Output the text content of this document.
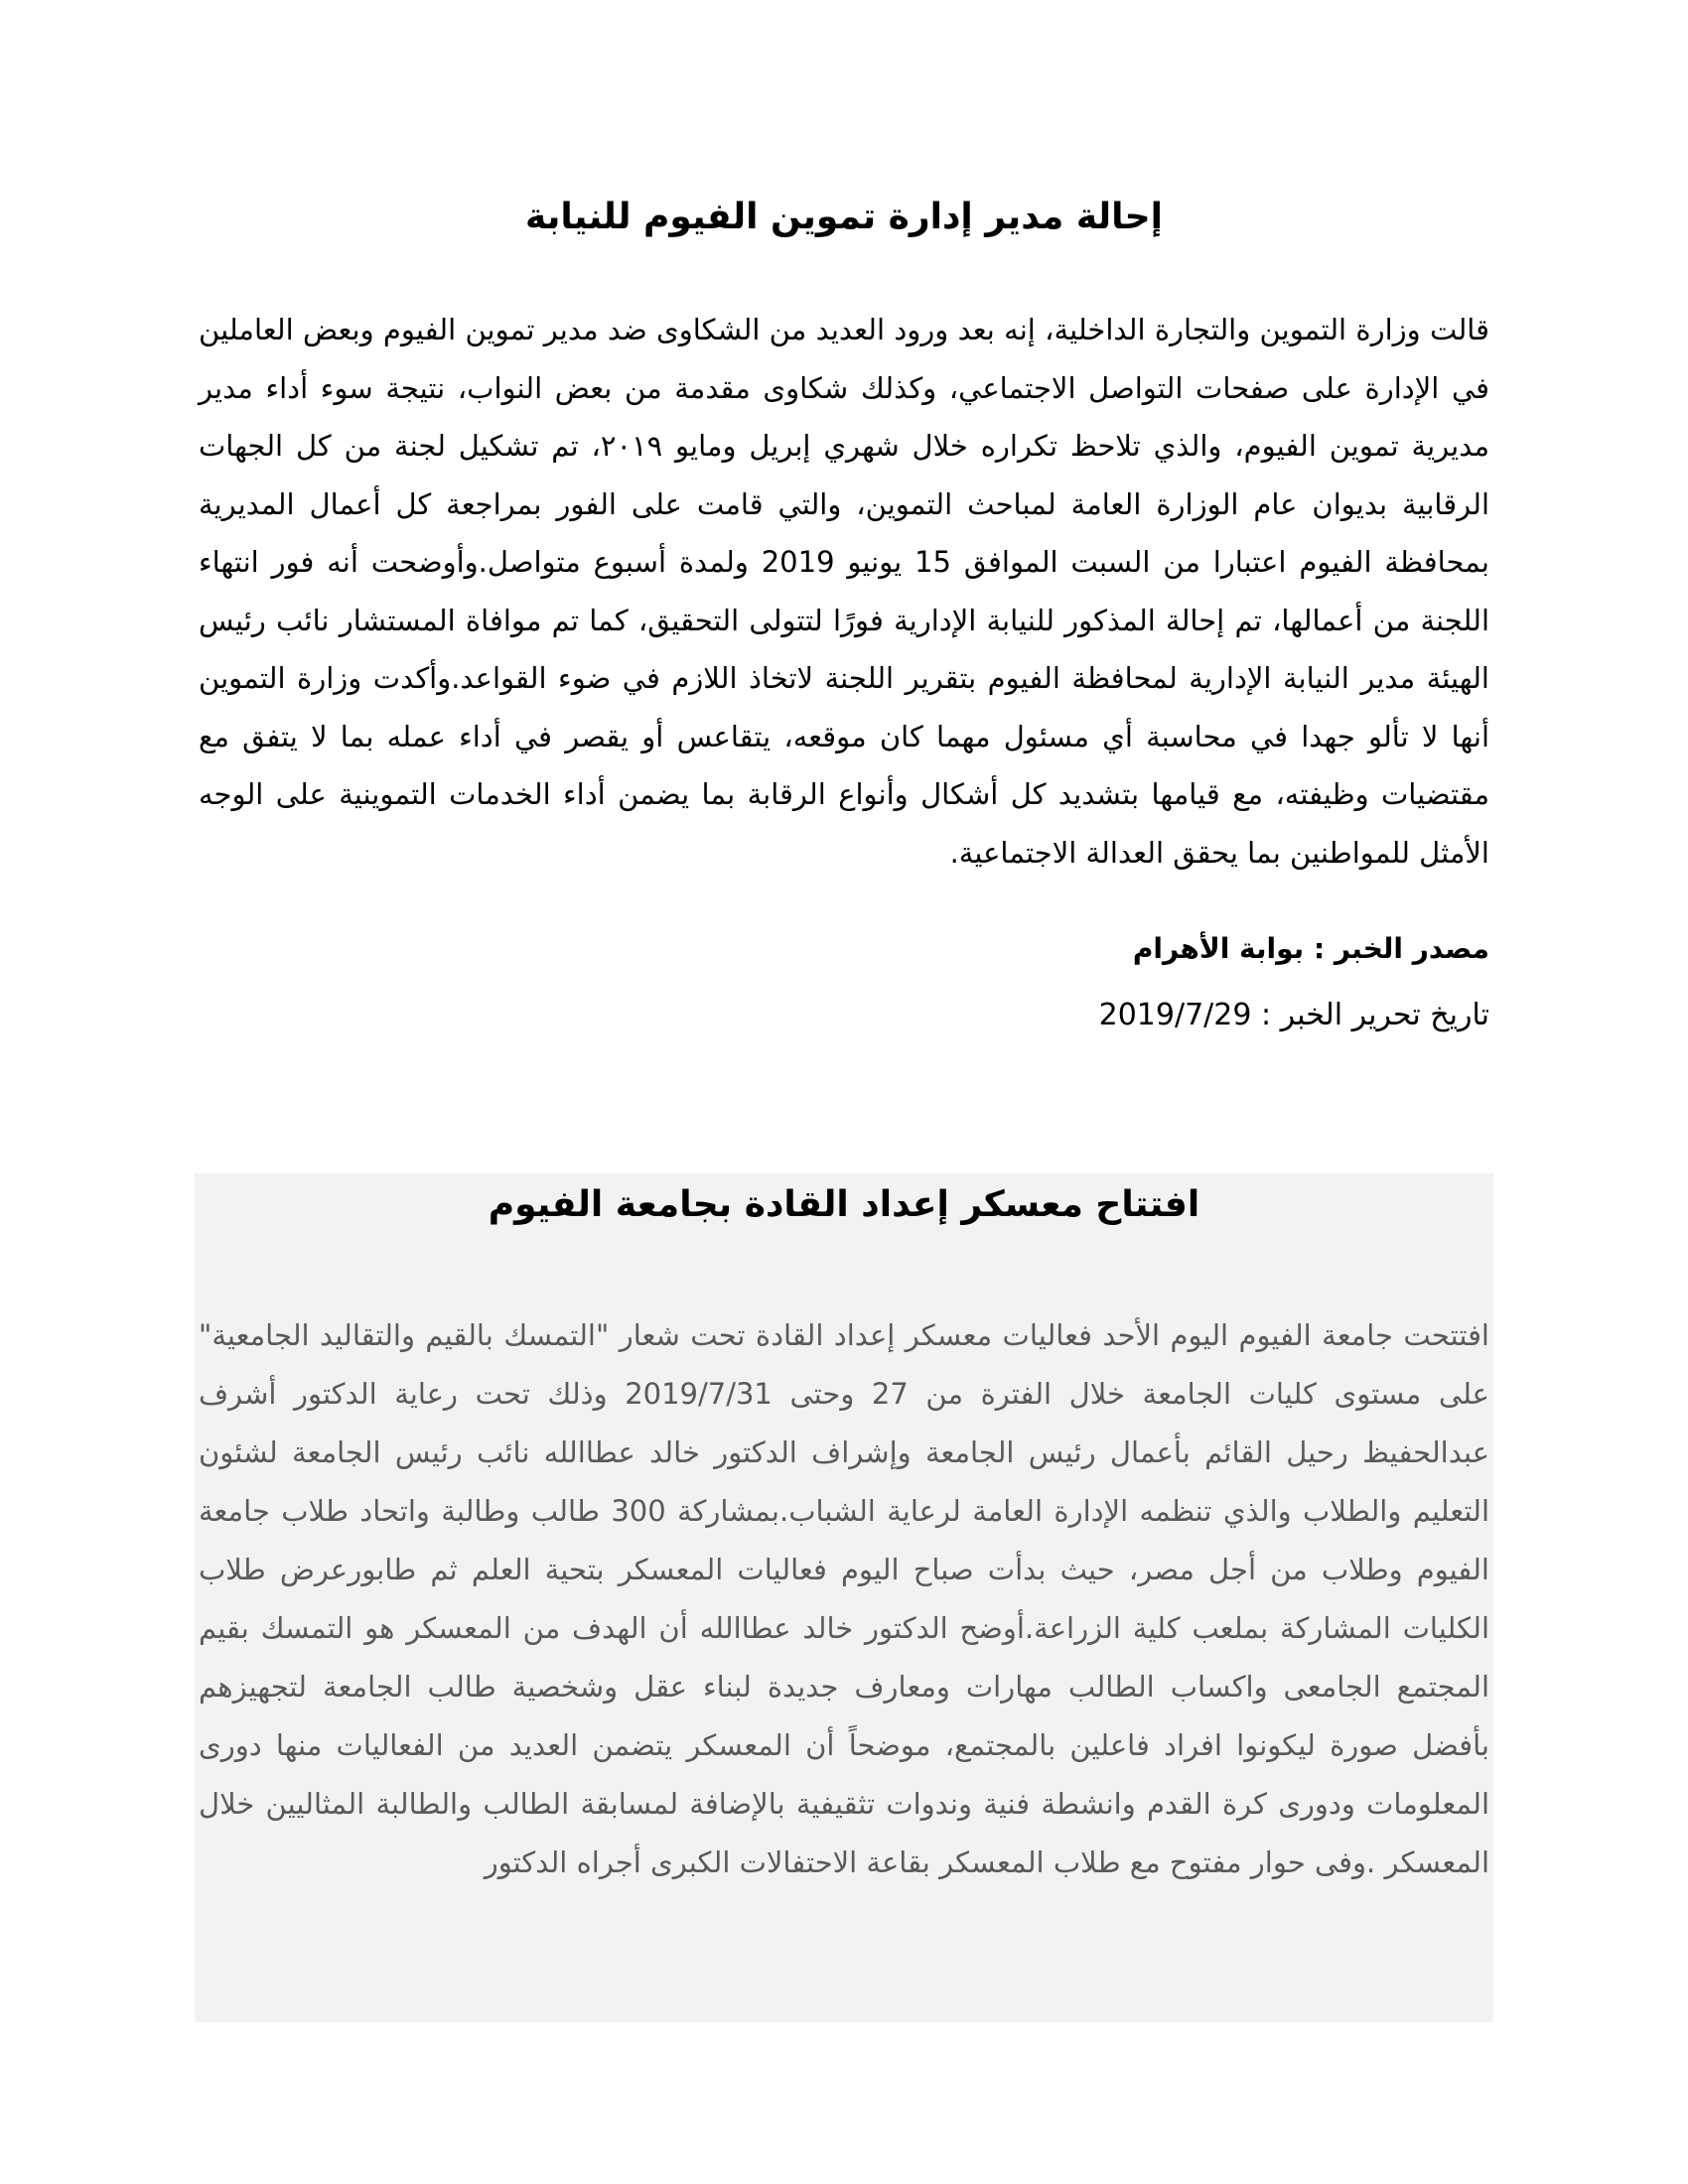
إحالة مدير إدارة تموين الفيوم للنيابة

قالت وزارة التموين والتجارة الداخلية، إنه بعد ورود العديد من الشكاوى ضد مدير تموين الفيوم وبعض العاملين في الإدارة على صفحات التواصل الاجتماعي، وكذلك شكاوى مقدمة من بعض النواب، نتيجة سوء أداء مدير مديرية تموين الفيوم، والذي تلاحظ تكراره خلال شهري إبريل ومايو ٢٠١٩، تم تشكيل لجنة من كل الجهات الرقابية بديوان عام الوزارة العامة لمباحث التموين، والتي قامت على الفور بمراجعة كل أعمال المديرية بمحافظة الفيوم اعتبارا من السبت الموافق 15 يونيو 2019 ولمدة أسبوع متواصل.وأوضحت أنه فور انتهاء اللجنة من أعمالها، تم إحالة المذكور للنيابة الإدارية فورًا لتتولى التحقيق، كما تم موافاة المستشار نائب رئيس الهيئة مدير النيابة الإدارية لمحافظة الفيوم بتقرير اللجنة لاتخاذ اللازم في ضوء القواعد.وأكدت وزارة التموين أنها لا تألو جهدا في محاسبة أي مسئول مهما كان موقعه، يتقاعس أو يقصر في أداء عمله بما لا يتفق مع مقتضيات وظيفته، مع قيامها بتشديد كل أشكال وأنواع الرقابة بما يضمن أداء الخدمات التموينية على الوجه الأمثل للمواطنين بما يحقق العدالة الاجتماعية.

مصدر الخبر : بوابة الأهرام

تاريخ تحرير الخبر : 2019/7/29

افتتاح معسكر إعداد القادة بجامعة الفيوم

افتتحت جامعة الفيوم اليوم الأحد فعاليات معسكر إعداد القادة تحت شعار "التمسك بالقيم والتقاليد الجامعية" على مستوى كليات الجامعة خلال الفترة من 27 وحتى 2019/7/31 وذلك تحت رعاية الدكتور أشرف عبدالحفيظ رحيل القائم بأعمال رئيس الجامعة وإشراف الدكتور خالد عطاالله نائب رئيس الجامعة لشئون التعليم والطلاب والذي تنظمه الإدارة العامة لرعاية الشباب.بمشاركة 300 طالب وطالبة واتحاد طلاب جامعة الفيوم وطلاب من أجل مصر، حيث بدأت صباح اليوم فعاليات المعسكر بتحية العلم ثم طابورعرض طلاب الكليات المشاركة بملعب كلية الزراعة.أوضح الدكتور خالد عطاالله أن الهدف من المعسكر هو التمسك بقيم المجتمع الجامعى واكساب الطالب مهارات ومعارف جديدة لبناء عقل وشخصية طالب الجامعة لتجهيزهم بأفضل صورة ليكونوا افراد فاعلين بالمجتمع، موضحاً أن المعسكر يتضمن العديد من الفعاليات منها دورى المعلومات ودورى كرة القدم وانشطة فنية وندوات تثقيفية بالإضافة لمسابقة الطالب والطالبة المثاليين خلال المعسكر .وفى حوار مفتوح مع طلاب المعسكر بقاعة الاحتفالات الكبرى أجراه الدكتور
